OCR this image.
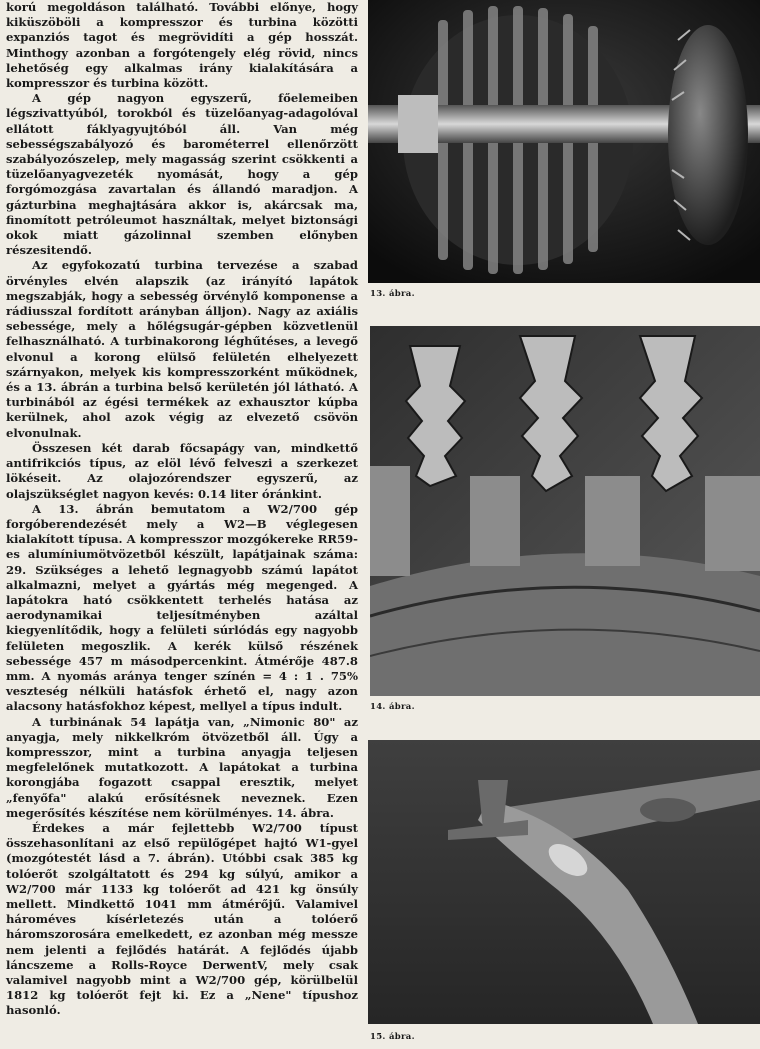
korú megoldáson található. További előnye, hogy kiküszöböli a kompresszor és turbina közötti expanziós tagot és megrövidíti a gép hosszát. Minthogy azonban a forgótengely elég rövid, nincs lehetőség egy alkalmas irány kialakítására a kompresszor és turbina között.

A gép nagyon egyszerű, főelemeiben légszivattyúból, torokból és tüzelőanyag-adagolóval ellátott fáklyagyujtóból áll. Van még sebességszabályozó és barométerrel ellenőrzött szabályozószelep, mely magasság szerint csökkenti a tüzelőanyagvezeték nyomását, hogy a gép forgómozgása zavartalan és állandó maradjon. A gázturbina meghajtására akkor is, akárcsak ma, finomított petróleumot használtak, melyet biztonsági okok miatt gázolinnal szemben előnyben részesitendő.

Az egyfokozatú turbina tervezése a szabad örvényles elvén alapszik (az irányító lapátok megszabják, hogy a sebesség örvénylő komponense a rádiusszal fordított arányban álljon). Nagy az axiális sebessége, mely a hőlégsugár-gépben közvetlenül felhasználható. A turbinakorong léghűtéses, a levegő elvonul a korong elülső felületén elhelyezett szárnyakon, melyek kis kompresszorként működnek, és a 13. ábrán a turbina belső kerületén jól látható. A turbinából az égési termékek az exhausztor kúpba kerülnek, ahol azok végig az elvezető csövön elvonulnak.

Összesen két darab főcsapágy van, mindkettő antifrikciós típus, az elöl lévő felveszi a szerkezet lökéseit. Az olajozórendszer egyszerű, az olajszükséglet nagyon kevés: 0.14 liter óránkint.

A 13. ábrán bemutatom a W2/700 gép forgóberendezését mely a W2—B véglegesen kialakított típusa. A kompresszor mozgókereke RR59-es alumíniumötvözetből készült, lapátjainak száma: 29. Szükséges a lehető legnagyobb számú lapátot alkalmazni, melyet a gyártás még megenged. A lapátokra ható csökkentett terhelés hatása az aerodynamikai teljesítményben azáltal kiegyenlítődik, hogy a felületi súrlódás egy nagyobb felületen megoszlik. A kerék külső részének sebessége 457 m másodpercenkint. Átmérője 487.8 mm. A nyomás aránya tenger színén = 4 : 1 . 75% veszteség nélküli hatásfok érhető el, nagy azon alacsony hatásfokhoz képest, mellyel a típus indult.

A turbinának 54 lapátja van, „Nimonic 80" az anyagja, mely nikkelkróm ötvözetből áll. Úgy a kompresszor, mint a turbina anyagja teljesen megfelelőnek mutatkozott. A lapátokat a turbina korongjába fogazott csappal eresztik, melyet „fenyőfa" alakú erősítésnek neveznek. Ezen megerősítés készítése nem körülményes. 14. ábra.

Érdekes a már fejlettebb W2/700 típust összehasonlítani az első repülőgépet hajtó W1-gyel (mozgótestét lásd a 7. ábrán). Utóbbi csak 385 kg tolóerőt szolgáltatott és 294 kg súlyú, amikor a W2/700 már 1133 kg tolóerőt ad 421 kg önsúly mellett. Mindkettő 1041 mm átmérőjű. Valamivel hároméves kísérletezés után a tolóerő háromszorosára emelkedett, ez azonban még messze nem jelenti a fejlődés határát. A fejlődés újabb láncszeme a Rolls-Royce DerwentV, mely csak valamivel nagyobb mint a W2/700 gép, körülbelül 1812 kg tolóerőt fejt ki. Ez a „Nene" típushoz hasonló.

13. ábra.
14. ábra.
15. ábra.
